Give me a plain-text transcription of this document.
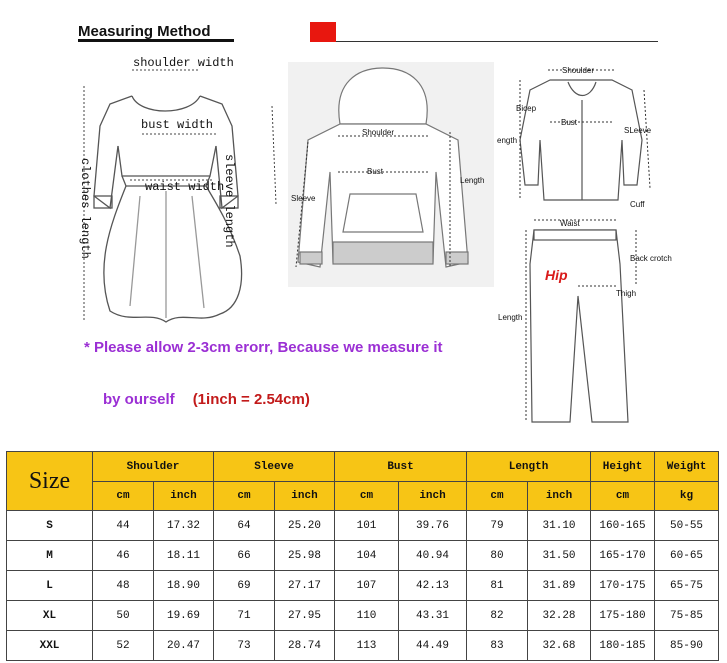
Measuring Method
shoulder width
bust width
waist width
sleeve length
clothes length
Shoulder
Bust
Sleeve
Length
Shoulder
Bicep
Bust
ength
SLeeve
Cuff
Waist
Back crotch
Hip
Thigh
Length
* Please allow 2-3cm erorr, Because we measure it
by ourself (1inch = 2.54cm)
Size	Shoulder		Sleeve		Bust		Length		Height	Weight
	cm	inch	cm	inch	cm	inch	cm	inch	cm	kg
S	44	17.32	64	25.20	101	39.76	79	31.10	160-165	50-55
M	46	18.11	66	25.98	104	40.94	80	31.50	165-170	60-65
L	48	18.90	69	27.17	107	42.13	81	31.89	170-175	65-75
XL	50	19.69	71	27.95	110	43.31	82	32.28	175-180	75-85
XXL	52	20.47	73	28.74	113	44.49	83	32.68	180-185	85-90
